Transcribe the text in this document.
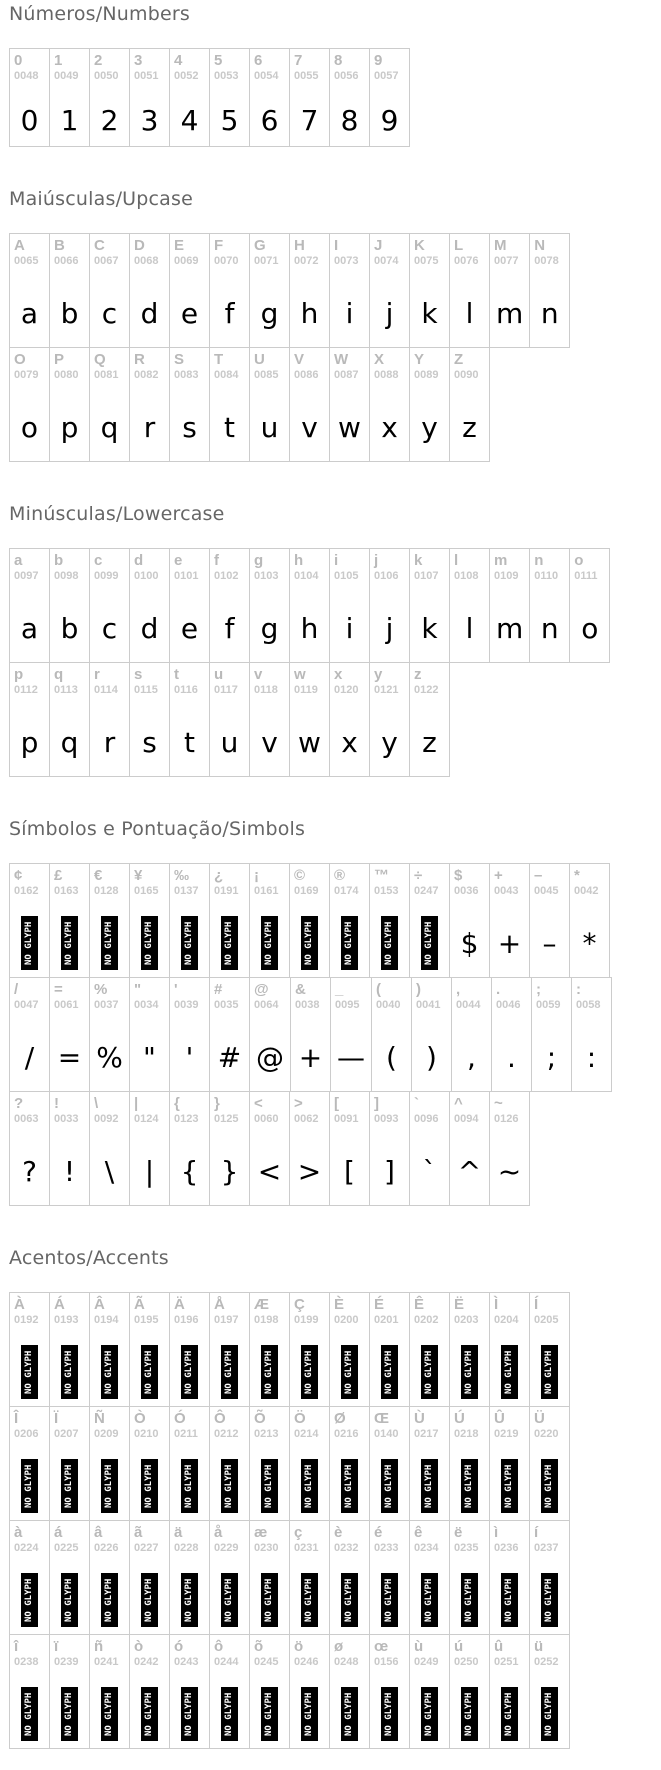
Números/Numbers
0
0048
0

1
0049
1

2
0050
2

3
0051
3

4
0052
4

5
0053
5

6
0054
6

7
0055
7

8
0056
8

9
0057
9
Maiúsculas/Upcase
A
0065
a

B
0066
b

C
0067
c

D
0068
d

E
0069
e

F
0070
f

G
0071
g

H
0072
h

I
0073
i

J
0074
j

K
0075
k

L
0076
l

M
0077
m

N
0078
n
O
0079
o

P
0080
p

Q
0081
q

R
0082
r

S
0083
s

T
0084
t

U
0085
u

V
0086
v

W
0087
w

X
0088
x

Y
0089
y

Z
0090
z
Minúsculas/Lowercase
a
0097
a

b
0098
b

c
0099
c

d
0100
d

e
0101
e

f
0102
f

g
0103
g

h
0104
h

i
0105
i

j
0106
j

k
0107
k

l
0108
l

m
0109
m

n
0110
n

o
0111
o
p
0112
p

q
0113
q

r
0114
r

s
0115
s

t
0116
t

u
0117
u

v
0118
v

w
0119
w

x
0120
x

y
0121
y

z
0122
z
Símbolos e Pontuação/Simbols
¢
0162
NO GLYPH

£
0163
NO GLYPH

€
0128
NO GLYPH

¥
0165
NO GLYPH

‰
0137
NO GLYPH

¿
0191
NO GLYPH

¡
0161
NO GLYPH

©
0169
NO GLYPH

®
0174
NO GLYPH

™
0153
NO GLYPH

÷
0247
NO GLYPH

$
0036
$

+
0043
+

–
0045
–

*
0042
*
/
0047
/

=
0061
=

%
0037
%

"
0034
"

'
0039
'

#
0035
#

@
0064
@

&
0038
+

_
0095
—

(
0040
(

)
0041
)

,
0044
,

.
0046
.

;
0059
;

:
0058
:
?
0063
?

!
0033
!

\
0092
\

|
0124
|

{
0123
{

}
0125
}

<
0060
<

>
0062
>

[
0091
[

]
0093
]

`
0096
`

^
0094
^

~
0126
~
Acentos/Accents
À
0192
NO GLYPH

Á
0193
NO GLYPH

Â
0194
NO GLYPH

Ã
0195
NO GLYPH

Ä
0196
NO GLYPH

Å
0197
NO GLYPH

Æ
0198
NO GLYPH

Ç
0199
NO GLYPH

È
0200
NO GLYPH

É
0201
NO GLYPH

Ê
0202
NO GLYPH

Ë
0203
NO GLYPH

Ì
0204
NO GLYPH

Í
0205
NO GLYPH
Î
0206
NO GLYPH

Ï
0207
NO GLYPH

Ñ
0209
NO GLYPH

Ò
0210
NO GLYPH

Ó
0211
NO GLYPH

Ô
0212
NO GLYPH

Õ
0213
NO GLYPH

Ö
0214
NO GLYPH

Ø
0216
NO GLYPH

Œ
0140
NO GLYPH

Ù
0217
NO GLYPH

Ú
0218
NO GLYPH

Û
0219
NO GLYPH

Ü
0220
NO GLYPH
à
0224
NO GLYPH

á
0225
NO GLYPH

â
0226
NO GLYPH

ã
0227
NO GLYPH

ä
0228
NO GLYPH

å
0229
NO GLYPH

æ
0230
NO GLYPH

ç
0231
NO GLYPH

è
0232
NO GLYPH

é
0233
NO GLYPH

ê
0234
NO GLYPH

ë
0235
NO GLYPH

ì
0236
NO GLYPH

í
0237
NO GLYPH
î
0238
NO GLYPH

ï
0239
NO GLYPH

ñ
0241
NO GLYPH

ò
0242
NO GLYPH

ó
0243
NO GLYPH

ô
0244
NO GLYPH

õ
0245
NO GLYPH

ö
0246
NO GLYPH

ø
0248
NO GLYPH

œ
0156
NO GLYPH

ù
0249
NO GLYPH

ú
0250
NO GLYPH

û
0251
NO GLYPH

ü
0252
NO GLYPH
